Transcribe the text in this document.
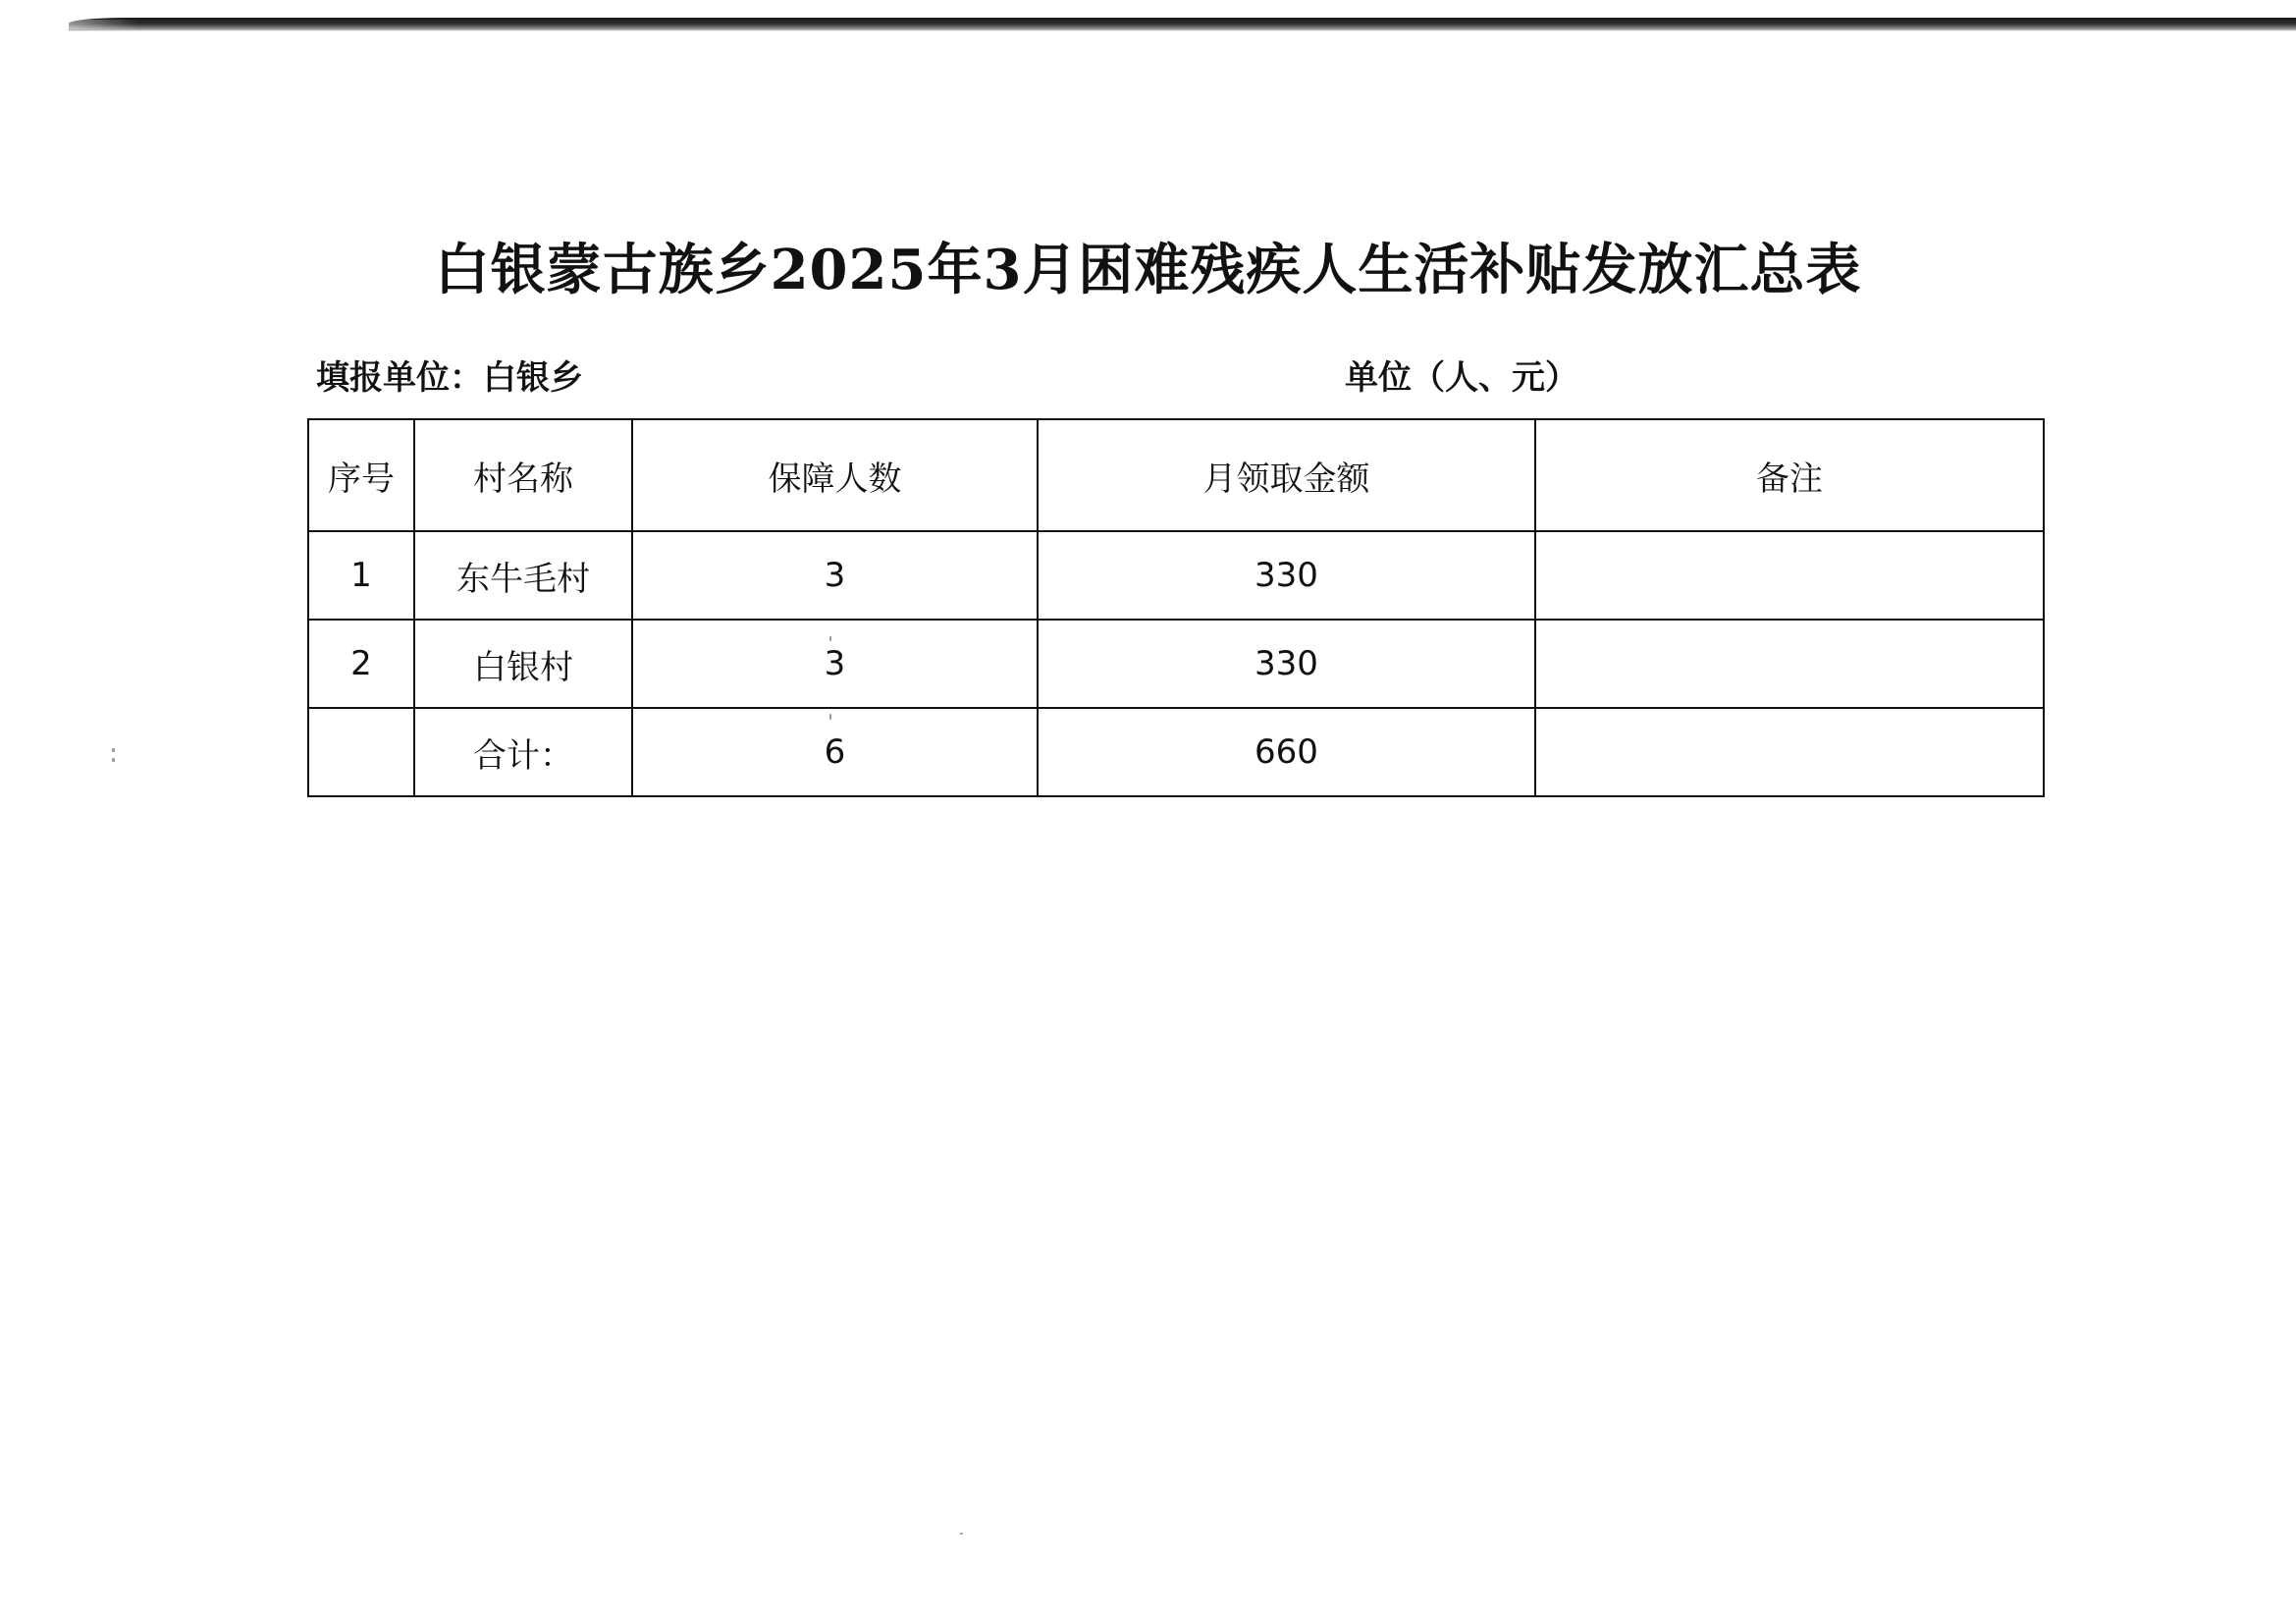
白银蒙古族乡2025年3月困难残疾人生活补贴发放汇总表
填报单位：白银乡	单位（人、元）
序号	村名称	保障人数	月领取金额	备注
1	东牛毛村	3	330	
2	白银村	3	330	
	合计：	6	660	
